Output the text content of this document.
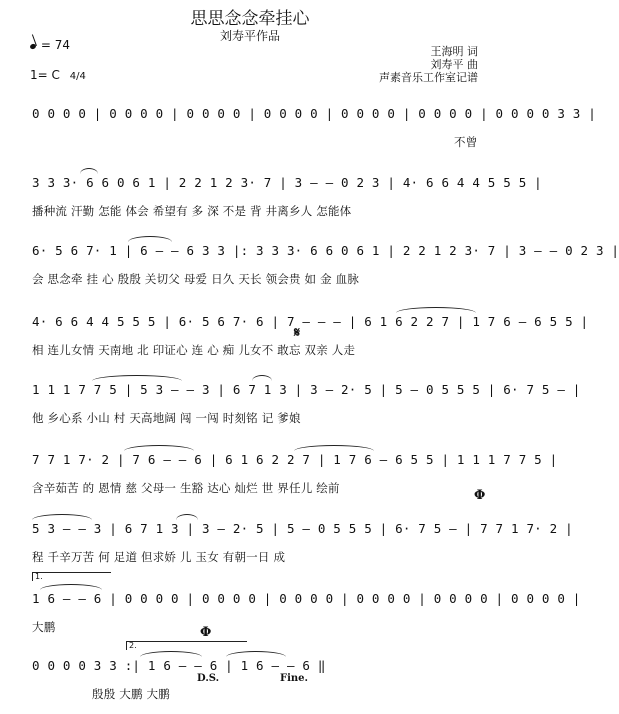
思思念念牵挂心
刘寿平作品
= 74
1= C 4/4
王海明 词
刘寿平 曲
声素音乐工作室记谱
0 0 0 0 | 0 0 0 0 | 0 0 0 0 | 0 0 0 0 | 0 0 0 0 | 0 0 0 0 | 0 0 0 0 3 3 |
不曾
3 3 3· 6 6 0 6 1 | 2 2 1 2 3· 7 | 3 – – 0 2 3 | 4· 6 6 4 4 5 5 5 |
播种流 汗勤 怎能 体会 希望有 多 深 不是 背 井离乡人 怎能体
6· 5 6 7· 1 | 6 – – 6 3 3 |: 3 3 3· 6 6 0 6 1 | 2 2 1 2 3· 7 | 3 – – 0 2 3 |
会 思念牵 挂 心 殷殷 关切父 母爱 日久 天长 领会贵 如 金 血脉
4· 6 6 4 4 5 5 5 | 6· 5 6 7· 6 | 7 – – – | 6 1 6 2 2 7 | 1 7 6 – 6 5 5 |
相 连儿女情 天南地 北 印证心 连 心 痴 儿女不 敢忘 双亲 人走
𝄋
1 1 1 7 7 5 | 5 3 – – 3 | 6 7 1 3 | 3 – 2· 5 | 5 – 0 5 5 5 | 6· 7 5 – |
他 乡心系 小山 村 天高地阔 闯 一闯 时刻铭 记 爹娘
7 7 1 7· 2 | 7 6 – – 6 | 6 1 6 2 2 7 | 1 7 6 – 6 5 5 | 1 1 1 7 7 5 |
含辛茹苦 的 恩情 慈 父母一 生豁 达心 灿烂 世 界任儿 绘前	Φ
5 3 – – 3 | 6 7 1 3 | 3 – 2· 5 | 5 – 0 5 5 5 | 6· 7 5 – | 7 7 1 7· 2 |
程 千辛万苦 何 足道 但求娇 儿 玉女 有朝一日 成
1.
1 6 – – 6 | 0 0 0 0 | 0 0 0 0 | 0 0 0 0 | 0 0 0 0 | 0 0 0 0 | 0 0 0 0 |
大鹏
2.
Φ
0 0 0 0 3 3 :| 1 6 – – 6 | 1 6 – – 6 ‖
D.S.	Fine.
殷殷 大鹏 大鹏
